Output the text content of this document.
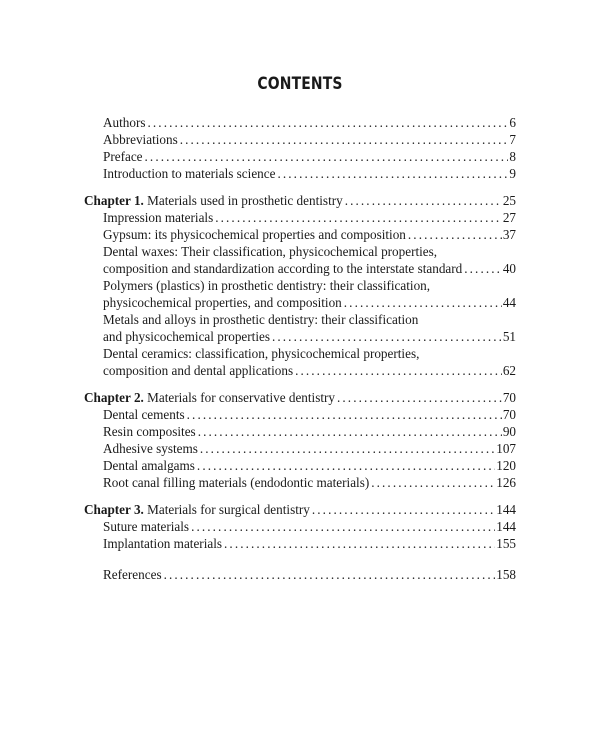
CONTENTS
Authors .....	6
Abbreviations .....	7
Preface .....	8
Introduction to materials science .....	9
Chapter 1. Materials used in prosthetic dentistry .....	25
Impression materials .....	27
Gypsum: its physicochemical properties and composition .....	37
Dental waxes: Their classification, physicochemical properties,
composition and standardization according to the interstate standard .....	40
Polymers (plastics) in prosthetic dentistry: their classification,
physicochemical properties, and composition .....	44
Metals and alloys in prosthetic dentistry: their classification
and physicochemical properties .....	51
Dental ceramics: classification, physicochemical properties,
composition and dental applications .....	62
Chapter 2. Materials for conservative dentistry .....	70
Dental cements .....	70
Resin composites .....	90
Adhesive systems .....	107
Dental amalgams .....	120
Root canal filling materials (endodontic materials) .....	126
Chapter 3. Materials for surgical dentistry .....	144
Suture materials .....	144
Implantation materials .....	155
References .....	158
